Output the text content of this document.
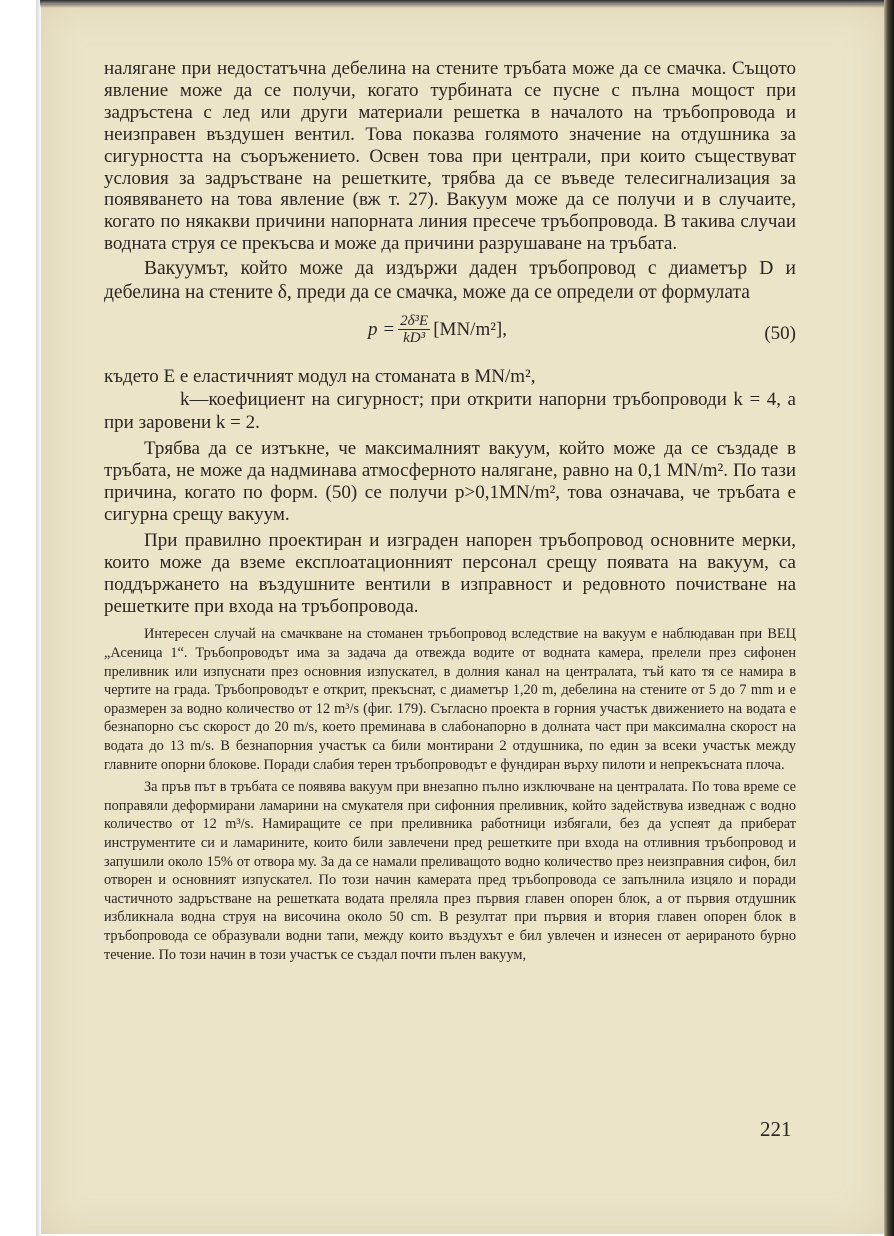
налягане при недостатъчна дебелина на стените тръбата може да се смачка. Същото явление може да се получи, когато турбината се пусне с пълна мощост при задръстена с лед или други материали решетка в началото на тръбопровода и неизправен въздушен вентил. Това показва голямото значение на отдушника за сигурността на съоръжението. Освен това при централи, при които съществуват условия за задръстване на решетките, трябва да се въведе телесигнализация за появяването на това явление (вж т. 27). Вакуум може да се получи и в случаите, когато по някакви причини напорната линия пресече тръбопровода. В такива случаи водната струя се прекъсва и може да причини разрушаване на тръбата.

Вакуумът, който може да издържи даден тръбопровод с диаметър D и дебелина на стените δ, преди да се смачка, може да се определи от формулата

$p = \frac{\text{2δ³E}}{\text{kD³}} [MN/m^2]$,	(50)

където E е еластичният модул на стоманата в MN/m²,

k—коефициент на сигурност; при открити напорни тръбопроводи k = 4, а при заровени k = 2.

Трябва да се изтъкне, че максималният вакуум, който може да се създаде в тръбата, не може да надминава атмосферното налягане, равно на 0,1 MN/m². По тази причина, когато по форм. (50) се получи p>0,1MN/m², това означава, че тръбата е сигурна срещу вакуум.

При правилно проектиран и изграден напорен тръбопровод основните мерки, които може да вземе експлоатационният персонал срещу появата на вакуум, са поддържането на въздушните вентили в изправност и редовното почистване на решетките при входа на тръбопровода.

Интересен случай на смачкване на стоманен тръбопровод вследствие на вакуум е наблюдаван при ВЕЦ „Асеница 1“. Тръбопроводът има за задача да отвежда водите от водната камера, прелели през сифонен преливник или изпуснати през основния изпускател, в долния канал на централата, тъй като тя се намира в чертите на града. Тръбопроводът е открит, прекъснат, с диаметър 1,20 m, дебелина на стените от 5 до 7 mm и е оразмерен за водно количество от 12 m³/s (фиг. 179). Съгласно проекта в горния участък движението на водата е безнапорно със скорост до 20 m/s, което преминава в слабонапорно в долната част при максимална скорост на водата до 13 m/s. В безнапорния участък са били монтирани 2 отдушника, по един за всеки участък между главните опорни блокове. Поради слабия терен тръбопроводът е фундиран върху пилоти и непрекъсната плоча.

За пръв път в тръбата се появява вакуум при внезапно пълно изключване на централата. По това време се поправяли деформирани ламарини на смукателя при сифонния преливник, който задействува изведнаж с водно количество от 12 m³/s. Намиращите се при преливника работници избягали, без да успеят да приберат инструментите си и ламарините, които били завлечени пред решетките при входа на отливния тръбопровод и запушили около 15% от отвора му. За да се намали преливащото водно количество през неизправния сифон, бил отворен и основният изпускател. По този начин камерата пред тръбопровода се запълнила изцяло и поради частичното задръстване на решетката водата преляла през първия главен опорен блок, а от първия отдушник избликнала водна струя на височина около 50 cm. В резултат при първия и втория главен опорен блок в тръбопровода се образували водни тапи, между които въздухът е бил увлечен и изнесен от аерираното бурно течение. По този начин в този участък се създал почти пълен вакуум,

221
